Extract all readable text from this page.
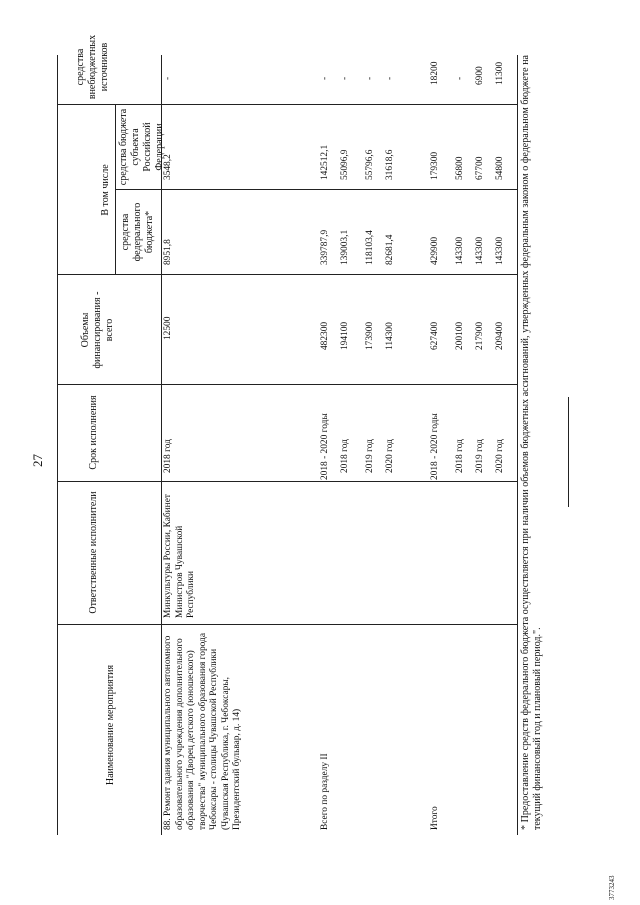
27
Наименование мероприятия
Ответственные исполнители
Срок исполнения
Объемы финансирования - всего
В том числе
средства федерального бюджета*
средства бюджета субъекта Российской Федерации
средства внебюджетных источников
88. Ремонт здания муниципального автономного образовательного учреждения дополнительного образования "Дворец детского (юношеского) творчества" муниципального образования города Чебоксары - столицы Чувашской Республики (Чувашская Республика, г. Чебоксары, Президентский бульвар, д. 14)
Минкультуры России, Кабинет Министров Чувашской Республики
2018 год
12500
8951,8
3548,2
-
Всего по разделу II
2018 - 2020 годы
482300
339787,9
142512,1
-
2018 год
194100
139003,1
55096,9
-
2019 год
173900
118103,4
55796,6
-
2020 год
114300
82681,4
31618,6
-
Итого
2018 - 2020 годы
627400
429900
179300
18200
2018 год
200100
143300
56800
-
2019 год
217900
143300
67700
6900
2020 год
209400
143300
54800
11300 * Предоставление средств федерального бюджета осуществляется при наличии объемов бюджетных ассигнований, утвержденных федеральным законом о федеральном бюджете на текущий финансовый год и плановый период.".
3773243
